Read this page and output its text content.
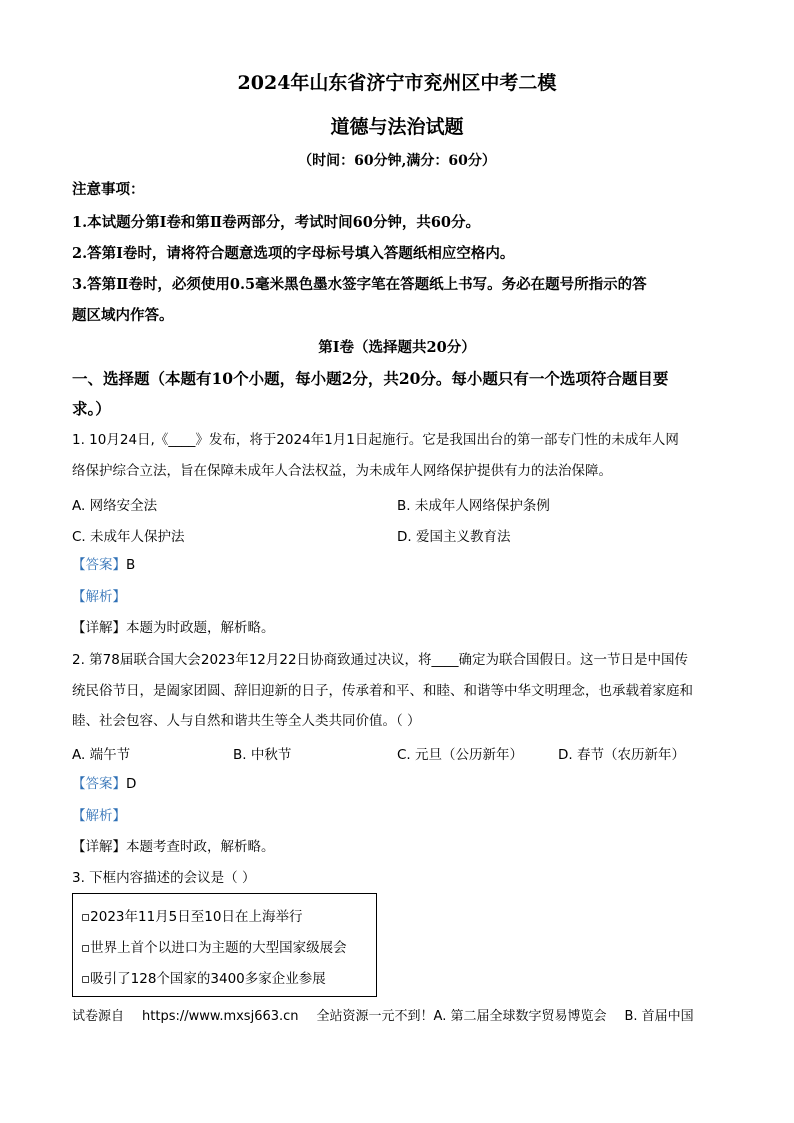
2024年山东省济宁市兖州区中考二模
道德与法治试题
（时间：60分钟,满分：60分）
注意事项：
1.本试题分第Ⅰ卷和第Ⅱ卷两部分，考试时间60分钟，共60分。
2.答第Ⅰ卷时，请将符合题意选项的字母标号填入答题纸相应空格内。
3.答第Ⅱ卷时，必须使用0.5毫米黑色墨水签字笔在答题纸上书写。务必在题号所指示的答
题区域内作答。
第Ⅰ卷（选择题共20分）
一、选择题（本题有10个小题，每小题2分，共20分。每小题只有一个选项符合题目要
求。）
1. 10月24日,《____》发布，将于2024年1月1日起施行。它是我国出台的第一部专门性的未成年人网
络保护综合立法，旨在保障未成年人合法权益，为未成年人网络保护提供有力的法治保障。
A. 网络安全法	B. 未成年人网络保护条例
C. 未成年人保护法	D. 爱国主义教育法
【答案】B
【解析】
【详解】本题为时政题，解析略。
2. 第78届联合国大会2023年12月22日协商致通过决议，将____确定为联合国假日。这一节日是中国传
统民俗节日，是阖家团圆、辞旧迎新的日子，传承着和平、和睦、和谐等中华文明理念，也承载着家庭和
睦、社会包容、人与自然和谐共生等全人类共同价值。（ ）
A. 端午节	B. 中秋节	C. 元旦（公历新年）	D. 春节（农历新年）
【答案】D
【解析】
【详解】本题考查时政，解析略。
3. 下框内容描述的会议是（ ）
▫2023年11月5日至10日在上海举行
▫世界上首个以进口为主题的大型国家级展会
▫吸引了128个国家的3400多家企业参展
试卷源自 https://www.mxsj663.cn 全站资源一元不到！A. 第二届全球数字贸易博览会 B. 首届中国
